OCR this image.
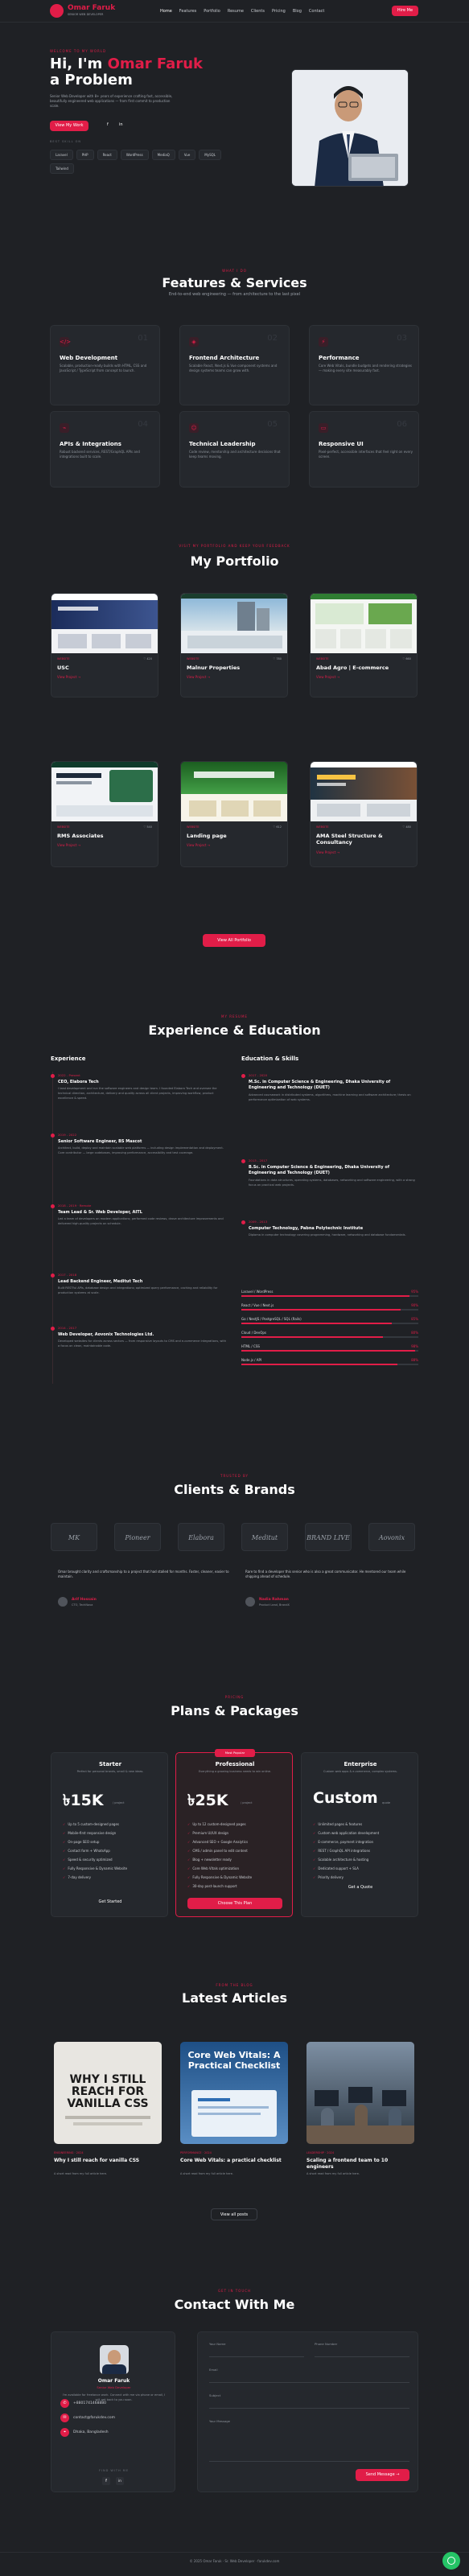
Omar Faruk
SENIOR WEB DEVELOPER
Home Features Portfolio Resume Clients Pricing Blog Contact	Hire Me
WELCOME TO MY WORLD
Hi, I'm Omar Faruk
a Problem
Senior Web Developer with 8+ years of experience crafting fast, accessible, beautifully engineered web applications — from first commit to production scale.
View My Work	f	in
BEST SKILL ON
Laravel	PHP	React	WordPress	MediaQ	Vue	MySQL
Tailwind
WHAT I DO
Features & Services
End-to-end web engineering — from architecture to the last pixel
</>	01
Web Development
Scalable, production-ready builds with HTML, CSS and JavaScript / TypeScript from concept to launch.
◈	02
Frontend Architecture
Scalable React, Next.js & Vue component systems and design systems teams can grow with.
⚡	03
Performance
Core Web Vitals, bundle budgets and rendering strategies — making every site measurably fast.
⌁	04
APIs & Integrations
Robust backend services, REST/GraphQL APIs and integrations built to scale.
☺	05
Technical Leadership
Code review, mentorship and architecture decisions that keep teams moving.
▭	06
Responsive UI
Pixel-perfect, accessible interfaces that feel right on every screen.
VISIT MY PORTFOLIO AND KEEP YOUR FEEDBACK
My Portfolio
WEBSITE	♡ 420
USC
View Project →
WEBSITE	♡ 780
Malnur Properties
View Project →
WEBSITE	♡ 660
Abad Agro | E-commerce
View Project →
WEBSITE	♡ 540
RMS Associates
View Project →
WEBSITE	♡ 612
Landing page
View Project →
WEBSITE	♡ 480
AMA Steel Structure & Consultancy
View Project →
View All Portfolio
MY RESUME
Experience & Education
Experience	Education & Skills
2022 - Present
CEO, Elabora Tech
I lead development and run the software engineers and design team. I founded Elabora Tech and oversee the technical direction, architecture, delivery and quality across all client projects, improving workflow, product excellence & speed.
2019 - 2022
Senior Software Engineer, BS Mascot
Architect, build, deploy and maintain scalable web platforms — including design implementation and deployment. Core contributor — large codebases, improving performance, accessibility and test coverage.
2018 - 2019 · Remote
Team Lead & Sr. Web Developer, AITL
Led a team of developers on modern applications; performed code reviews, drove architecture improvements and delivered high-quality projects on schedule.
2017 - 2018
Lead Backend Engineer, Meditut Tech
Built RESTful APIs, database design and integrations; optimized query performance, caching and reliability for production systems at scale.
2014 - 2017
Web Developer, Aovonix Technologies Ltd.
Developed websites for clients across sectors — from responsive layouts to CMS and e-commerce integrations, with a focus on clean, maintainable code.
2017 - 2020
M.Sc. in Computer Science & Engineering, Dhaka University of Engineering and Technology (DUET)
Advanced coursework in distributed systems, algorithms, machine learning and software architecture; thesis on performance optimization of web systems.
2013 - 2017
B.Sc. in Computer Science & Engineering, Dhaka University of Engineering and Technology (DUET)
Foundations in data structures, operating systems, databases, networking and software engineering, with a strong focus on practical web projects.
2009 - 2013
Computer Technology, Pabna Polytechnic Institute
Diploma in computer technology covering programming, hardware, networking and database fundamentals.
Laravel / WordPress	95%
React / Vue / Next.js	90%
Go / NestJS / PostgreSQL / SQL (Rails)	85%
Cloud / DevOps	80%
HTML / CSS	98%
Node.js / API	88%
TRUSTED BY
Clients & Brands
MK	Pioneer	Elabora	Meditut	BRAND LIVE	Aovonix
Omar brought clarity and craftsmanship to a project that had stalled for months. Faster, cleaner, easier to maintain.
Arif Hossain
CTO, TechNova
Rare to find a developer this senior who is also a great communicator. He mentored our team while shipping ahead of schedule.
Nadia Rahman
Product Lead, BrandX
PRICING
Plans & Packages
Starter
Perfect for personal brands, small & new ideas.
৳15K	/ project
✓ Up to 5 custom-designed pages
✓ Mobile-first responsive design
✓ On-page SEO setup
✓ Contact form + WhatsApp
✓ Speed & security optimized
✓ Fully Responsive & Dynamic Website
✓ 7-day delivery
Get Started
Most Popular
Professional
Everything a growing business needs to win online.
৳25K	/ project
✓ Up to 12 custom-designed pages
✓ Premium UI/UX design
✓ Advanced SEO + Google Analytics
✓ CMS / admin panel to edit content
✓ Blog + newsletter ready
✓ Core Web Vitals optimization
✓ Fully Responsive & Dynamic Website
✓ 30-day post-launch support
Choose This Plan
Enterprise
Custom web apps & e-commerce, complex systems.
Custom quote
✓ Unlimited pages & features
✓ Custom web application development
✓ E-commerce, payment integration
✓ REST / GraphQL API integrations
✓ Scalable architecture & hosting
✓ Dedicated support + SLA
✓ Priority delivery
Get a Quote
FROM THE BLOG
Latest Articles
WHY I STILL REACH FOR VANILLA CSS
ENGINEERING · 2024
Why I still reach for vanilla CSS
A short read from my full article here.
Core Web Vitals: A Practical Checklist
PERFORMANCE · 2024
Core Web Vitals: a practical checklist
A short read from my full article here.
LEADERSHIP · 2024
Scaling a frontend team to 10 engineers
A short read from my full article here.
View all posts
GET IN TOUCH
Contact With Me
Omar Faruk
Senior Web Developer
I'm available for freelance work. Connect with me via phone or email, I will get back to you soon.
FIND WITH ME
f	in
✆	+8801741468880
✉	contact@farukdev.com
⌖	Dhaka, Bangladesh
Your Name	Phone Number
Email
Subject
Your Message
Send Message →
© 2025 Omar Faruk · Sr. Web Developer · farukdev.com
